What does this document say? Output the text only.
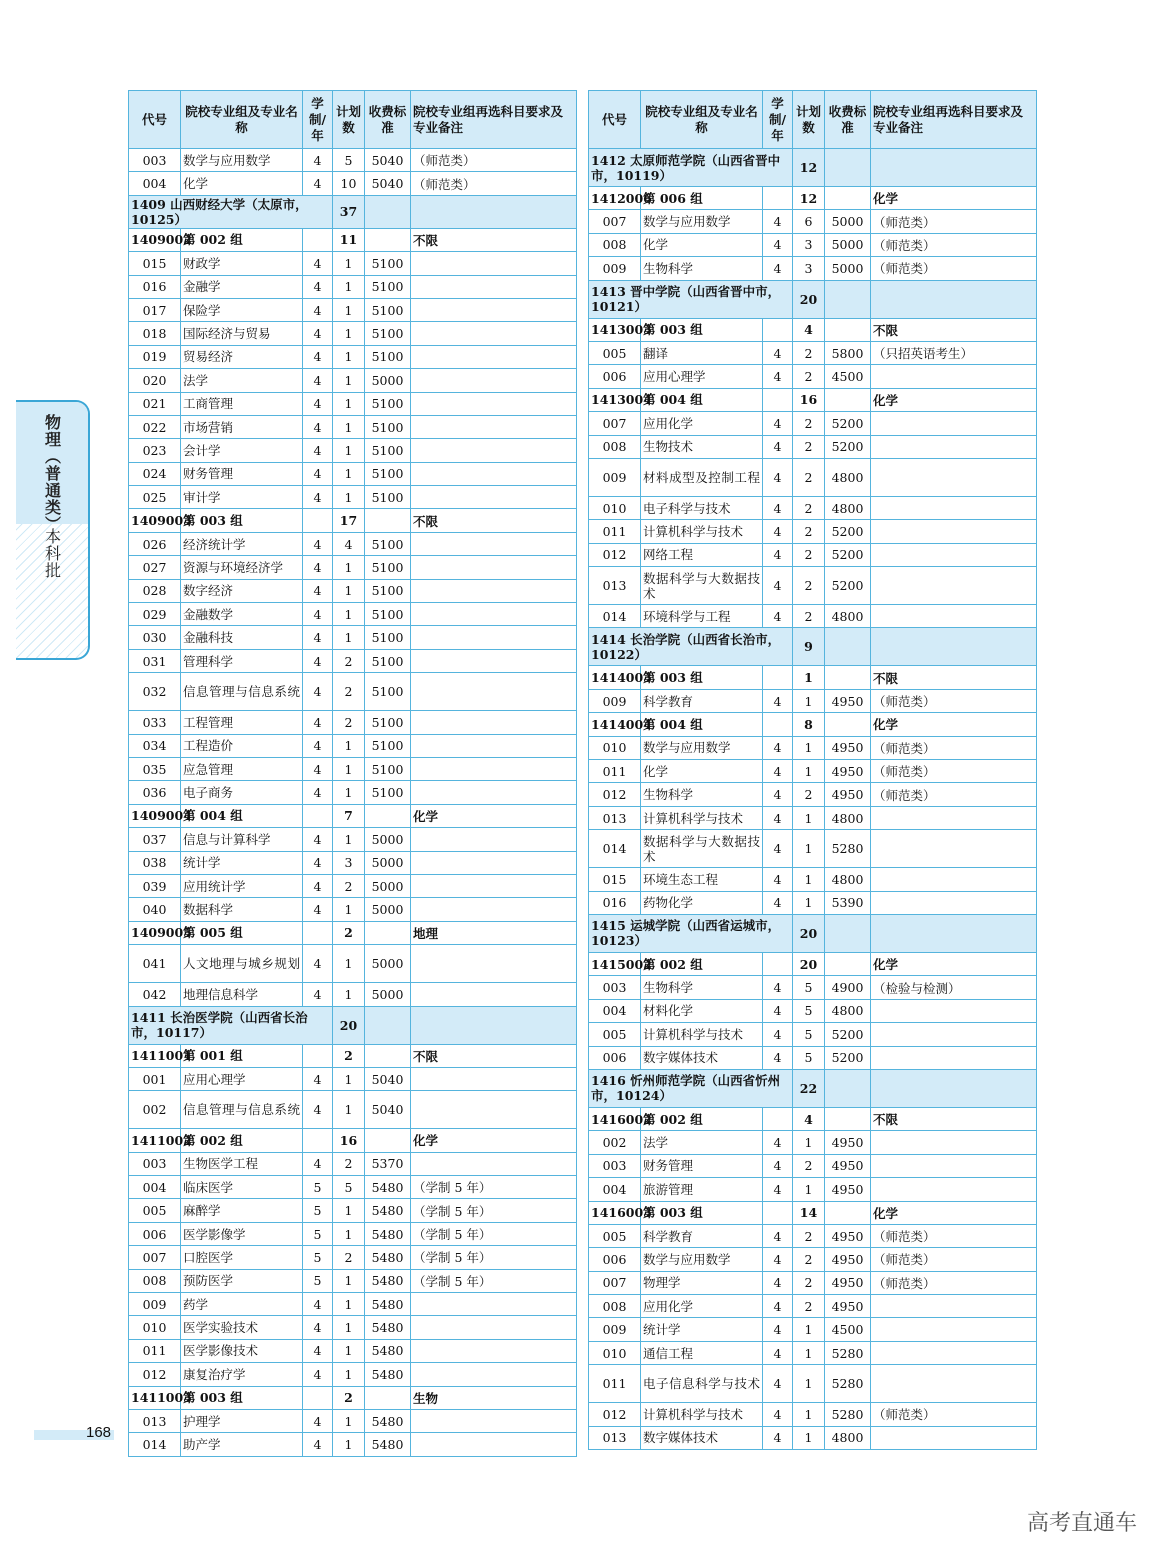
物理（普通类）
本科批
代号	院校专业组及专业名称	学制/年	计划数	收费标准	院校专业组再选科目要求及专业备注
003	数学与应用数学	4	5	5040	（师范类）
004	化学	4	10	5040	（师范类）
1409 山西财经大学（太原市，10125）			37		
1409002	第 002 组		11		不限
015	财政学	4	1	5100	
016	金融学	4	1	5100	
017	保险学	4	1	5100	
018	国际经济与贸易	4	1	5100	
019	贸易经济	4	1	5100	
020	法学	4	1	5000	
021	工商管理	4	1	5100	
022	市场营销	4	1	5100	
023	会计学	4	1	5100	
024	财务管理	4	1	5100	
025	审计学	4	1	5100	
1409003	第 003 组		17		不限
026	经济统计学	4	4	5100	
027	资源与环境经济学	4	1	5100	
028	数字经济	4	1	5100	
029	金融数学	4	1	5100	
030	金融科技	4	1	5100	
031	管理科学	4	2	5100	
032	信息管理与信息系统	4	2	5100	
033	工程管理	4	2	5100	
034	工程造价	4	1	5100	
035	应急管理	4	1	5100	
036	电子商务	4	1	5100	
1409004	第 004 组		7		化学
037	信息与计算科学	4	1	5000	
038	统计学	4	3	5000	
039	应用统计学	4	2	5000	
040	数据科学	4	1	5000	
1409005	第 005 组		2		地理
041	人文地理与城乡规划	4	1	5000	
042	地理信息科学	4	1	5000	
1411 长治医学院（山西省长治市，10117）			20		
1411001	第 001 组		2		不限
001	应用心理学	4	1	5040	
002	信息管理与信息系统	4	1	5040	
1411002	第 002 组		16		化学
003	生物医学工程	4	2	5370	
004	临床医学	5	5	5480	（学制 5 年）
005	麻醉学	5	1	5480	（学制 5 年）
006	医学影像学	5	1	5480	（学制 5 年）
007	口腔医学	5	2	5480	（学制 5 年）
008	预防医学	5	1	5480	（学制 5 年）
009	药学	4	1	5480	
010	医学实验技术	4	1	5480	
011	医学影像技术	4	1	5480	
012	康复治疗学	4	1	5480	
1411003	第 003 组		2		生物
013	护理学	4	1	5480	
014	助产学	4	1	5480	
代号	院校专业组及专业名称	学制/年	计划数	收费标准	院校专业组再选科目要求及专业备注
1412 太原师范学院（山西省晋中市，10119）			12		
1412006	第 006 组		12		化学
007	数学与应用数学	4	6	5000	（师范类）
008	化学	4	3	5000	（师范类）
009	生物科学	4	3	5000	（师范类）
1413 晋中学院（山西省晋中市，10121）			20		
1413003	第 003 组		4		不限
005	翻译	4	2	5800	（只招英语考生）
006	应用心理学	4	2	4500	
1413004	第 004 组		16		化学
007	应用化学	4	2	5200	
008	生物技术	4	2	5200	
009	材料成型及控制工程	4	2	4800	
010	电子科学与技术	4	2	4800	
011	计算机科学与技术	4	2	5200	
012	网络工程	4	2	5200	
013	数据科学与大数据技术	4	2	5200	
014	环境科学与工程	4	2	4800	
1414 长治学院（山西省长治市，10122）			9		
1414003	第 003 组		1		不限
009	科学教育	4	1	4950	（师范类）
1414004	第 004 组		8		化学
010	数学与应用数学	4	1	4950	（师范类）
011	化学	4	1	4950	（师范类）
012	生物科学	4	2	4950	（师范类）
013	计算机科学与技术	4	1	4800	
014	数据科学与大数据技术	4	1	5280	
015	环境生态工程	4	1	4800	
016	药物化学	4	1	5390	
1415 运城学院（山西省运城市，10123）			20		
1415002	第 002 组		20		化学
003	生物科学	4	5	4900	（检验与检测）
004	材料化学	4	5	4800	
005	计算机科学与技术	4	5	5200	
006	数字媒体技术	4	5	5200	
1416 忻州师范学院（山西省忻州市，10124）			22		
1416002	第 002 组		4		不限
002	法学	4	1	4950	
003	财务管理	4	2	4950	
004	旅游管理	4	1	4950	
1416003	第 003 组		14		化学
005	科学教育	4	2	4950	（师范类）
006	数学与应用数学	4	2	4950	（师范类）
007	物理学	4	2	4950	（师范类）
008	应用化学	4	2	4950	
009	统计学	4	1	4500	
010	通信工程	4	1	5280	
011	电子信息科学与技术	4	1	5280	
012	计算机科学与技术	4	1	5280	（师范类）
013	数字媒体技术	4	1	4800	
168
高考直通车
